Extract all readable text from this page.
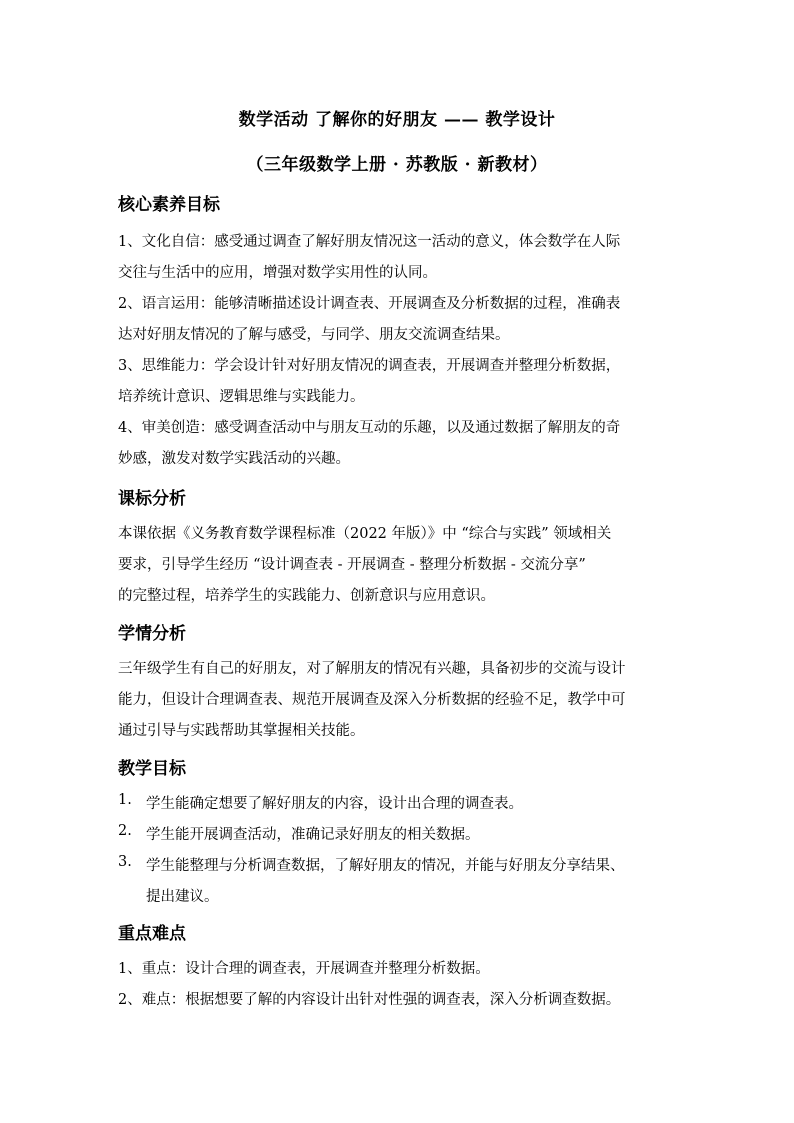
数学活动 了解你的好朋友 —— 教学设计
（三年级数学上册 · 苏教版 · 新教材）
核心素养目标
1、文化自信：感受通过调查了解好朋友情况这一活动的意义，体会数学在人际
交往与生活中的应用，增强对数学实用性的认同。
2、语言运用：能够清晰描述设计调查表、开展调查及分析数据的过程，准确表
达对好朋友情况的了解与感受，与同学、朋友交流调查结果。
3、思维能力：学会设计针对好朋友情况的调查表，开展调查并整理分析数据，
培养统计意识、逻辑思维与实践能力。
4、审美创造：感受调查活动中与朋友互动的乐趣，以及通过数据了解朋友的奇
妙感，激发对数学实践活动的兴趣。
课标分析
本课依据《义务教育数学课程标准（2022 年版）》中 “综合与实践” 领域相关
要求，引导学生经历 “设计调查表 - 开展调查 - 整理分析数据 - 交流分享”
的完整过程，培养学生的实践能力、创新意识与应用意识。
学情分析
三年级学生有自己的好朋友，对了解朋友的情况有兴趣，具备初步的交流与设计
能力，但设计合理调查表、规范开展调查及深入分析数据的经验不足，教学中可
通过引导与实践帮助其掌握相关技能。
教学目标
1. 学生能确定想要了解好朋友的内容，设计出合理的调查表。
2. 学生能开展调查活动，准确记录好朋友的相关数据。
3. 学生能整理与分析调查数据，了解好朋友的情况，并能与好朋友分享结果、
提出建议。
重点难点
1、重点：设计合理的调查表，开展调查并整理分析数据。
2、难点：根据想要了解的内容设计出针对性强的调查表，深入分析调查数据。
